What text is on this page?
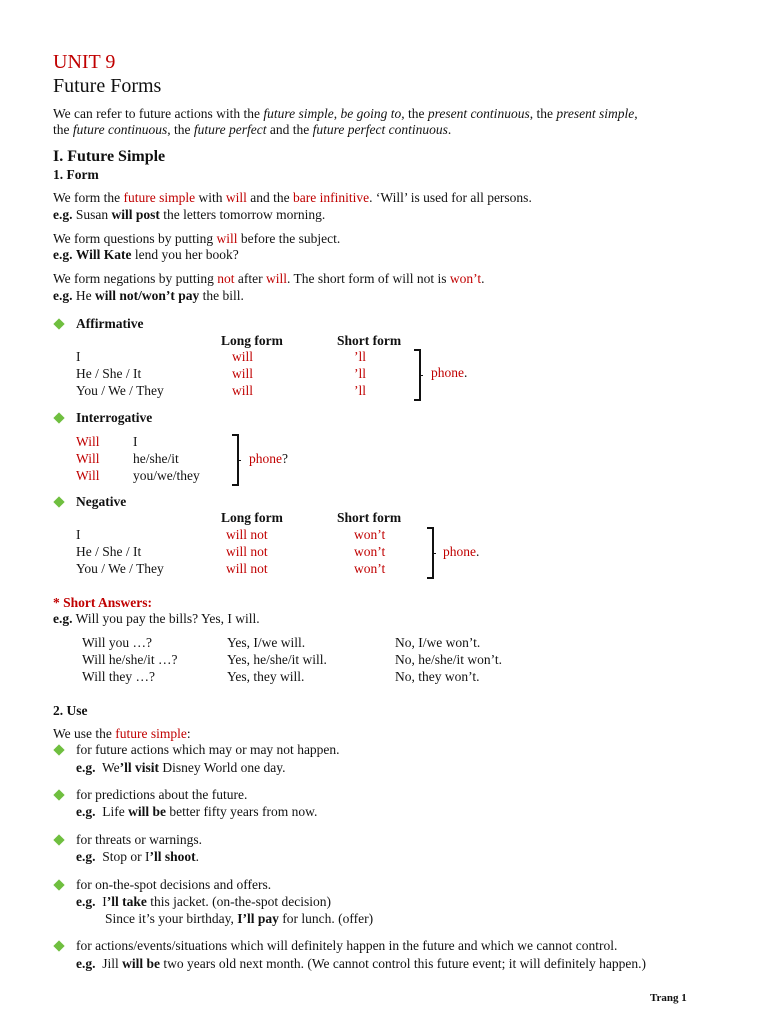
UNIT 9
Future Forms
We can refer to future actions with the future simple, be going to, the present continuous, the present simple,
the future continuous, the future perfect and the future perfect continuous.
I. Future Simple
1. Form
We form the future simple with will and the bare infinitive. ‘Will’ is used for all persons.
e.g. Susan will post the letters tomorrow morning.
We form questions by putting will before the subject.
e.g. Will Kate lend you her book?
We form negations by putting not after will. The short form of will not is won’t.
e.g. He will not/won’t pay the bill.
Affirmative
Long form	Short form
I	will	’ll
He / She / It	will	’ll
You / We / They	will	’ll
phone.
Interrogative
Will I
Will he/she/it
Will you/we/they
phone?
Negative
Long form	Short form
I	will not	won’t
He / She / It	will not	won’t
You / We / They	will not	won’t
phone.
* Short Answers:
e.g. Will you pay the bills? Yes, I will.
Will you …?	Yes, I/we will.	No, I/we won’t.
Will he/she/it …?	Yes, he/she/it will.	No, he/she/it won’t.
Will they …?	Yes, they will.	No, they won’t.
2. Use
We use the future simple:
for future actions which may or may not happen.
e.g. We’ll visit Disney World one day.
for predictions about the future.
e.g. Life will be better fifty years from now.
for threats or warnings.
e.g. Stop or I’ll shoot.
for on-the-spot decisions and offers.
e.g. I’ll take this jacket. (on-the-spot decision)
Since it’s your birthday, I’ll pay for lunch. (offer)
for actions/events/situations which will definitely happen in the future and which we cannot control.
e.g. Jill will be two years old next month. (We cannot control this future event; it will definitely happen.)
Trang 1
